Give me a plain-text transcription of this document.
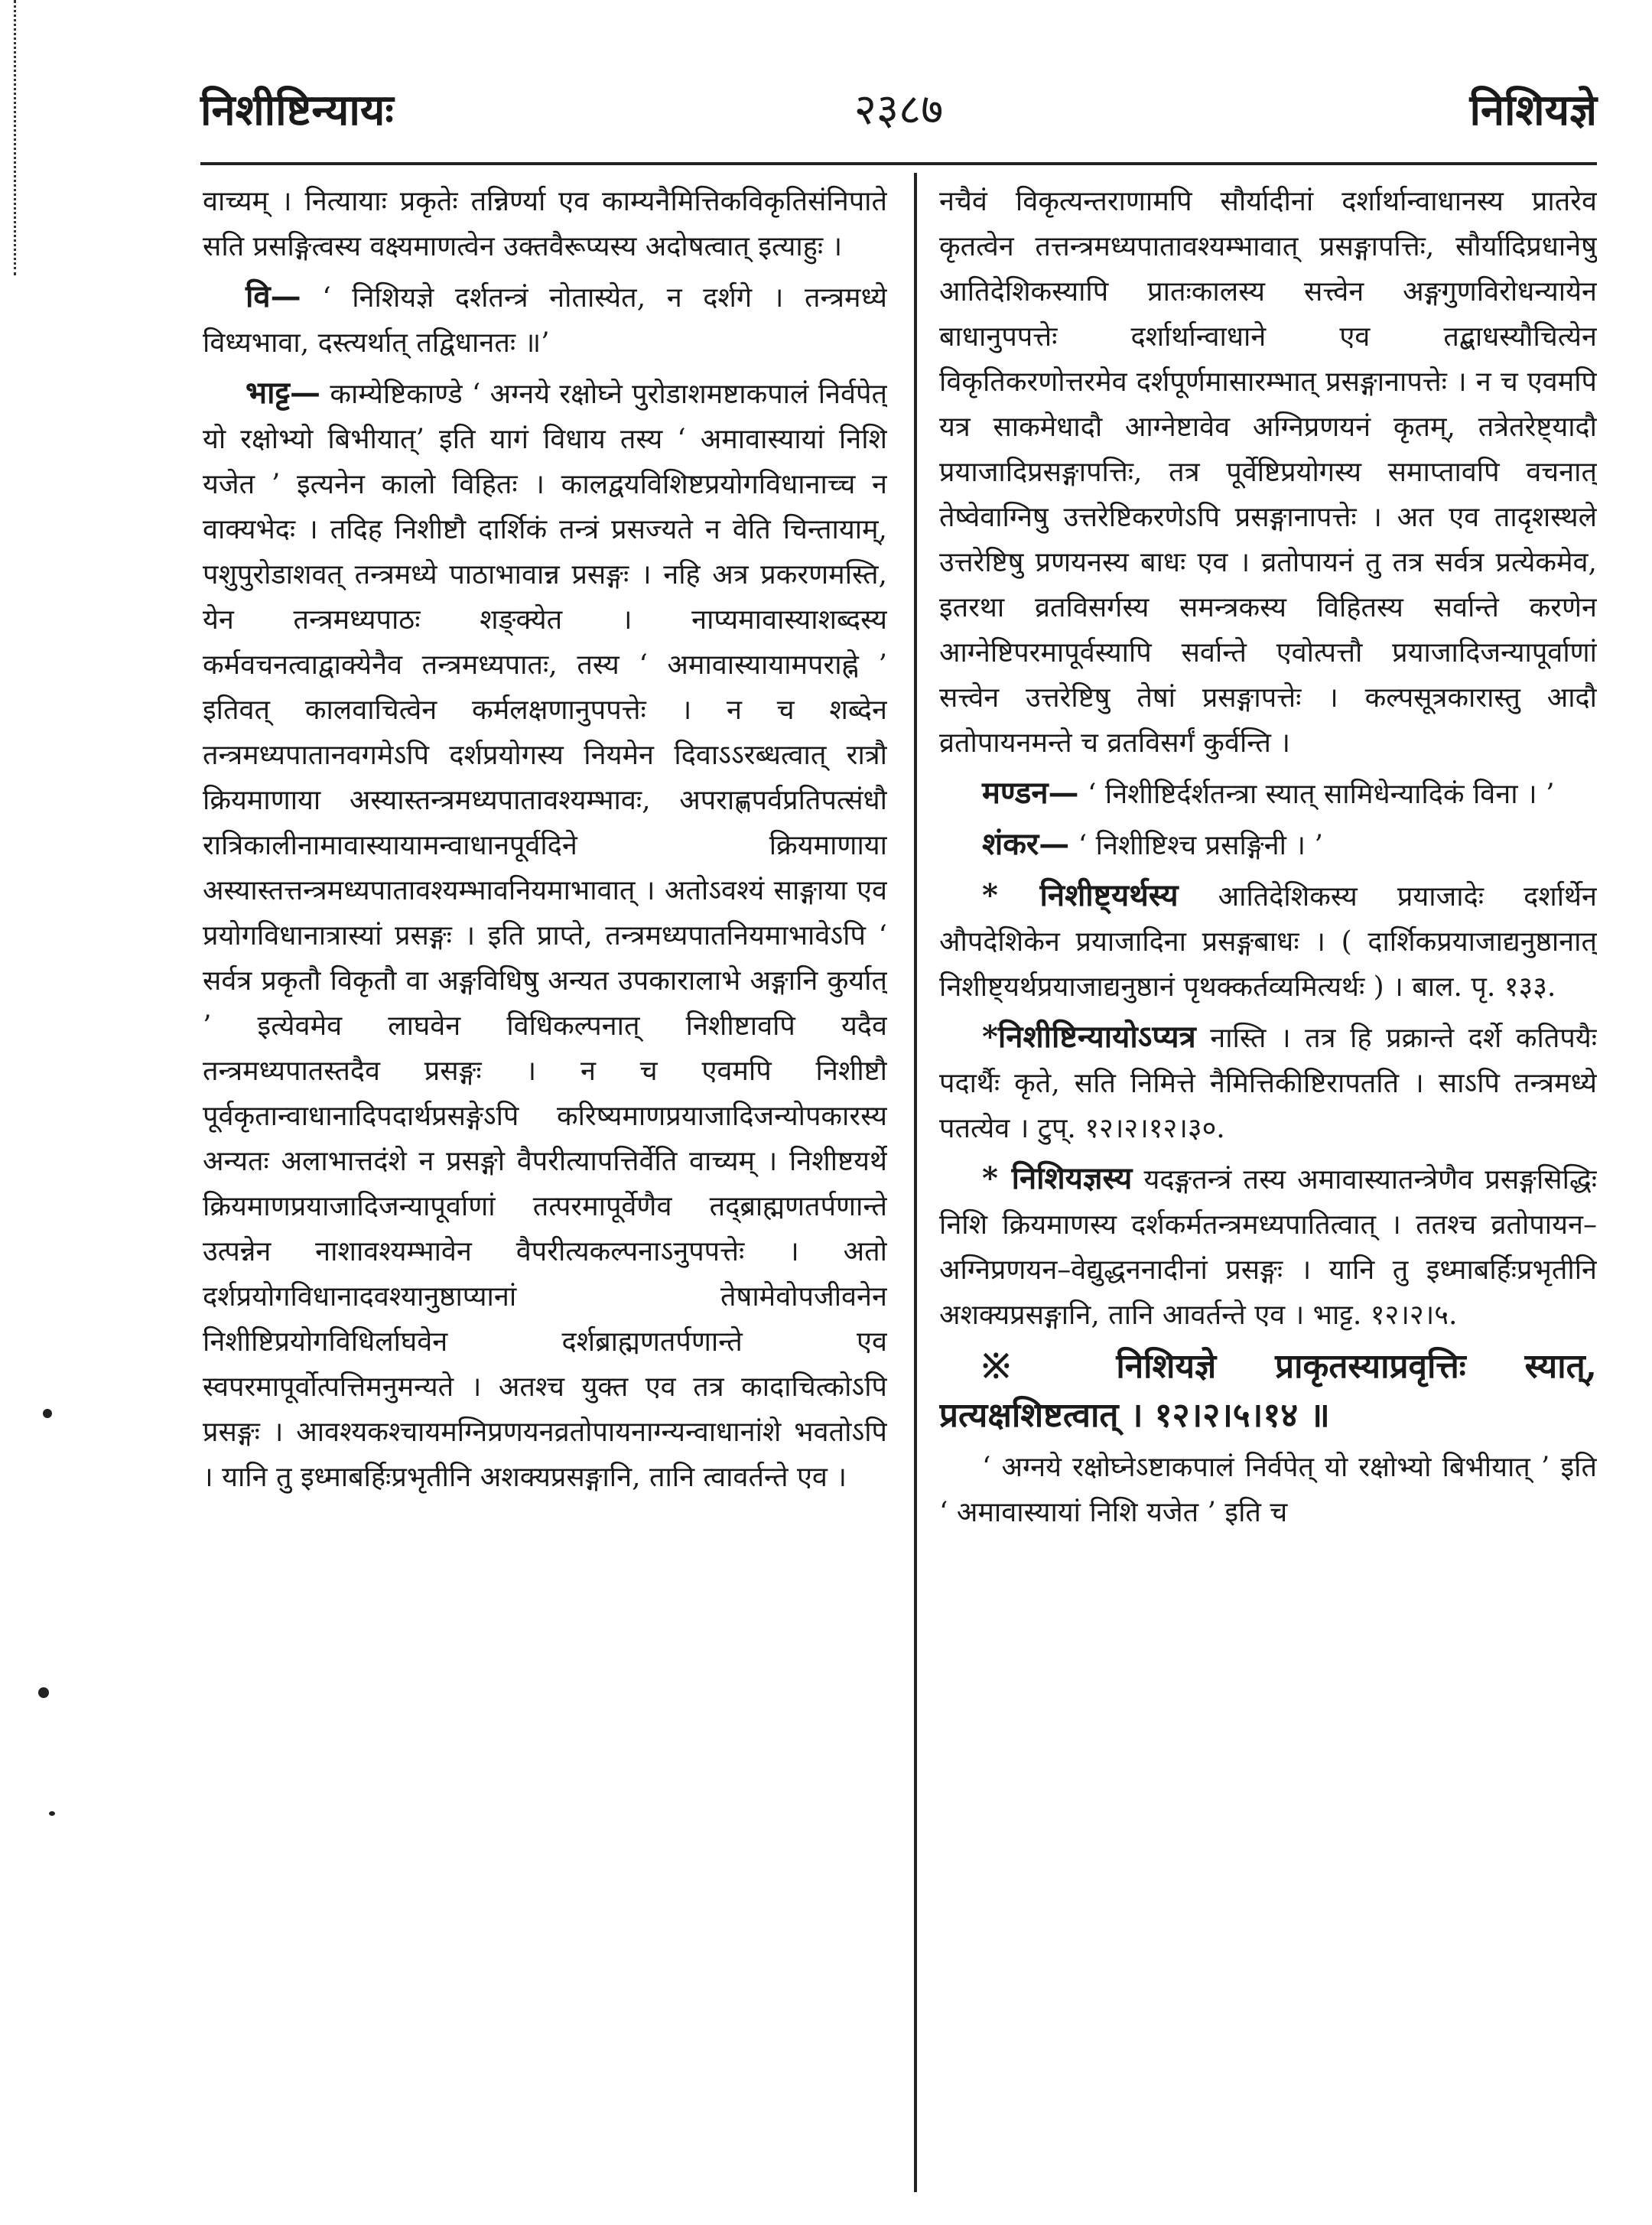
निशीष्टिन्यायः	२३८७	निशियज्ञे

वाच्यम् । नित्यायाः प्रकृतेः तन्निर्ण्या एव काम्यनैमित्तिकविकृतिसंनिपाते सति प्रसङ्गित्वस्य वक्ष्यमाणत्वेन उक्तवैरूप्यस्य अदोषत्वात् इत्याहुः ।

वि— ‘ निशियज्ञे दर्शतन्त्रं नोतास्येत, न दर्शगे । तन्त्रमध्ये विध्यभावा, दस्त्यर्थात् तद्विधानतः ॥’

भाट्ट— काम्येष्टिकाण्डे ‘ अग्नये रक्षोघ्ने पुरोडाशमष्टाकपालं निर्वपेत् यो रक्षोभ्यो बिभीयात्’ इति यागं विधाय तस्य ‘ अमावास्यायां निशि यजेत ’ इत्यनेन कालो विहितः । कालद्वयविशिष्टप्रयोगविधानाच्च न वाक्यभेदः । तदिह निशीष्टौ दार्शिकं तन्त्रं प्रसज्यते न वेति चिन्तायाम्, पशुपुरोडाशवत् तन्त्रमध्ये पाठाभावान्न प्रसङ्गः । नहि अत्र प्रकरणमस्ति, येन तन्त्रमध्यपाठः शङ्क्येत । नाप्यमावास्याशब्दस्य कर्मवचनत्वाद्वाक्येनैव तन्त्रमध्यपातः, तस्य ‘ अमावास्यायामपराह्ने ’ इतिवत् कालवाचित्वेन कर्मलक्षणानुपपत्तेः । न च शब्देन तन्त्रमध्यपातानवगमेऽपि दर्शप्रयोगस्य नियमेन दिवाऽऽरब्धत्वात् रात्रौ क्रियमाणाया अस्यास्तन्त्रमध्यपातावश्यम्भावः, अपराह्णपर्वप्रतिपत्संधौ रात्रिकालीनामावास्यायामन्वाधानपूर्वदिने क्रियमाणाया अस्यास्तत्तन्त्रमध्यपातावश्यम्भावनियमाभावात् । अतोऽवश्यं साङ्गाया एव प्रयोगविधानात्रास्यां प्रसङ्गः । इति प्राप्ते, तन्त्रमध्यपातनियमाभावेऽपि ‘ सर्वत्र प्रकृतौ विकृतौ वा अङ्गविधिषु अन्यत उपकारालाभे अङ्गानि कुर्यात् ’ इत्येवमेव लाघवेन विधिकल्पनात् निशीष्टावपि यदैव तन्त्रमध्यपातस्तदैव प्रसङ्गः । न च एवमपि निशीष्टौ पूर्वकृतान्वाधानादिपदार्थप्रसङ्गेऽपि करिष्यमाणप्रयाजादिजन्योपकारस्य अन्यतः अलाभात्तदंशे न प्रसङ्गो वैपरीत्यापत्तिर्वेति वाच्यम् । निशीष्टयर्थे क्रियमाणप्रयाजादिजन्यापूर्वाणां तत्परमापूर्वेणैव तद्ब्राह्मणतर्पणान्ते उत्पन्नेन नाशावश्यम्भावेन वैपरीत्यकल्पनाऽनुपपत्तेः । अतो दर्शप्रयोगविधानादवश्यानुष्ठाप्यानां तेषामेवोपजीवनेन निशीष्टिप्रयोगविधिर्लाघवेन दर्शब्राह्मणतर्पणान्ते एव स्वपरमापूर्वोत्पत्तिमनुमन्यते । अतश्च युक्त एव तत्र कादाचित्कोऽपि प्रसङ्गः । आवश्यकश्चायमग्निप्रणयनव्रतोपायनाग्न्यन्वाधानांशे भवतोऽपि । यानि तु इध्माबर्हिःप्रभृतीनि अशक्यप्रसङ्गानि, तानि त्वावर्तन्ते एव ।

नचैवं विकृत्यन्तराणामपि सौर्यादीनां दर्शार्थान्वाधानस्य प्रातरेव कृतत्वेन तत्तन्त्रमध्यपातावश्यम्भावात् प्रसङ्गापत्तिः, सौर्यादिप्रधानेषु आतिदेशिकस्यापि प्रातःकालस्य सत्त्वेन अङ्गगुणविरोधन्यायेन बाधानुपपत्तेः दर्शार्थान्वाधाने एव तद्बाधस्यौचित्येन विकृतिकरणोत्तरमेव दर्शपूर्णमासारम्भात् प्रसङ्गानापत्तेः । न च एवमपि यत्र साकमेधादौ आग्नेष्टावेव अग्निप्रणयनं कृतम्, तत्रेतरेष्ट्यादौ प्रयाजादिप्रसङ्गापत्तिः, तत्र पूर्वेष्टिप्रयोगस्य समाप्तावपि वचनात् तेष्वेवाग्निषु उत्तरेष्टिकरणेऽपि प्रसङ्गानापत्तेः । अत एव तादृशस्थले उत्तरेष्टिषु प्रणयनस्य बाधः एव । व्रतोपायनं तु तत्र सर्वत्र प्रत्येकमेव, इतरथा व्रतविसर्गस्य समन्त्रकस्य विहितस्य सर्वान्ते करणेन आग्नेष्टिपरमापूर्वस्यापि सर्वान्ते एवोत्पत्तौ प्रयाजादिजन्यापूर्वाणां सत्त्वेन उत्तरेष्टिषु तेषां प्रसङ्गापत्तेः । कल्पसूत्रकारास्तु आदौ व्रतोपायनमन्ते च व्रतविसर्गं कुर्वन्ति ।

मण्डन— ‘ निशीष्टिर्दर्शतन्त्रा स्यात् सामिधेन्यादिकं विना । ’

शंकर— ‘ निशीष्टिश्च प्रसङ्गिनी । ’

* निशीष्ट्यर्थस्य आतिदेशिकस्य प्रयाजादेः दर्शार्थेन औपदेशिकेन प्रयाजादिना प्रसङ्गबाधः । ( दार्शिकप्रयाजाद्यनुष्ठानात् निशीष्ट्यर्थप्रयाजाद्यनुष्ठानं पृथक्कर्तव्यमित्यर्थः ) । बाल. पृ. १३३.

*निशीष्टिन्यायोऽप्यत्र नास्ति । तत्र हि प्रक्रान्ते दर्शे कतिपयैः पदार्थैः कृते, सति निमित्ते नैमित्तिकीष्टिरापतति । साऽपि तन्त्रमध्ये पतत्येव । टुप्. १२।२।१२।३०.

* निशियज्ञस्य यदङ्गतन्त्रं तस्य अमावास्यातन्त्रेणैव प्रसङ्गसिद्धिः निशि क्रियमाणस्य दर्शकर्मतन्त्रमध्यपातित्वात् । ततश्च व्रतोपायन–अग्निप्रणयन–वेद्युद्धननादीनां प्रसङ्गः । यानि तु इध्माबर्हिःप्रभृतीनि अशक्यप्रसङ्गानि, तानि आवर्तन्ते एव । भाट्ट. १२।२।५.

※ निशियज्ञे प्राकृतस्याप्रवृत्तिः स्यात्, प्रत्यक्षशिष्टत्वात् । १२।२।५।१४ ॥

‘ अग्नये रक्षोघ्नेऽष्टाकपालं निर्वपेत् यो रक्षोभ्यो बिभीयात् ’ इति ‘ अमावास्यायां निशि यजेत ’ इति च
